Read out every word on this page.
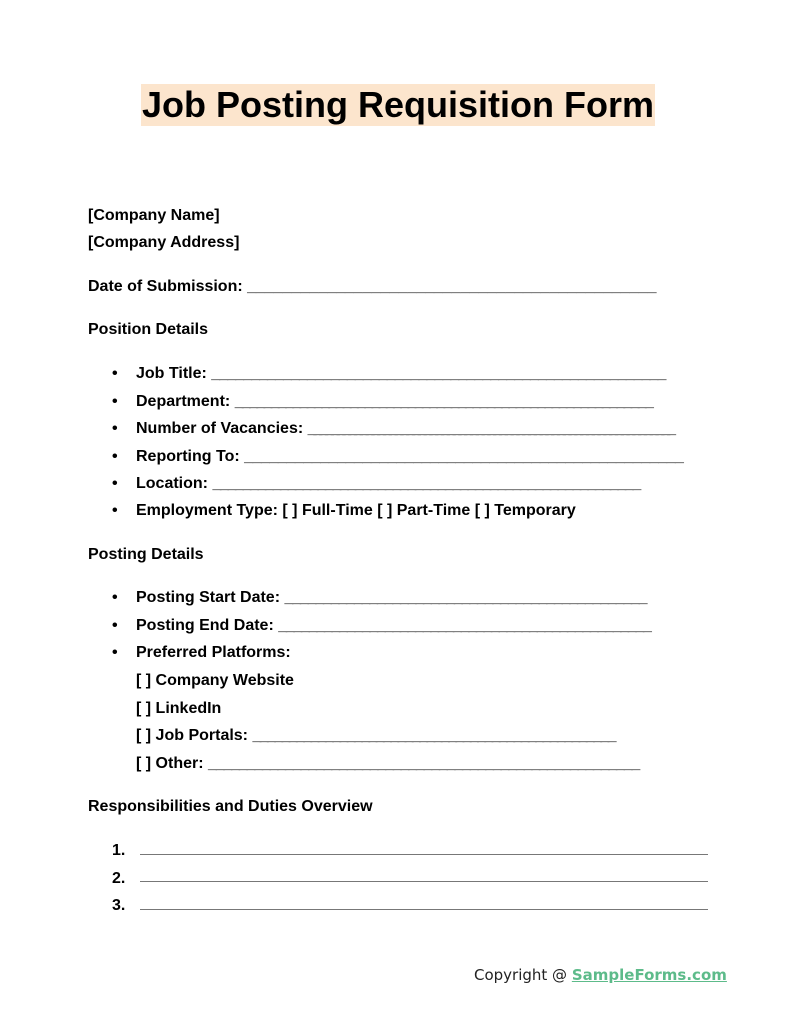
Job Posting Requisition Form
[Company Name]
[Company Address]
Date of Submission: ______________________________________________
Position Details
• Job Title: _________________________________________________________
• Department: __________________________________________________________
• Number of Vacancies: _______________________________________________________________
• Reporting To: ____________________________________________________
• Location: _________________________________________________________
• Employment Type: [ ] Full-Time [ ] Part-Time [ ] Temporary
Posting Details
• Posting Start Date: _______________________________________________
• Posting End Date: _________________________________________________
• Preferred Platforms:
[ ] Company Website
[ ] LinkedIn
[ ] Job Portals: __________________________________________________
[ ] Other: ________________________________________________________
Responsibilities and Duties Overview
1.
2.
3.
Copyright @ SampleForms.com
